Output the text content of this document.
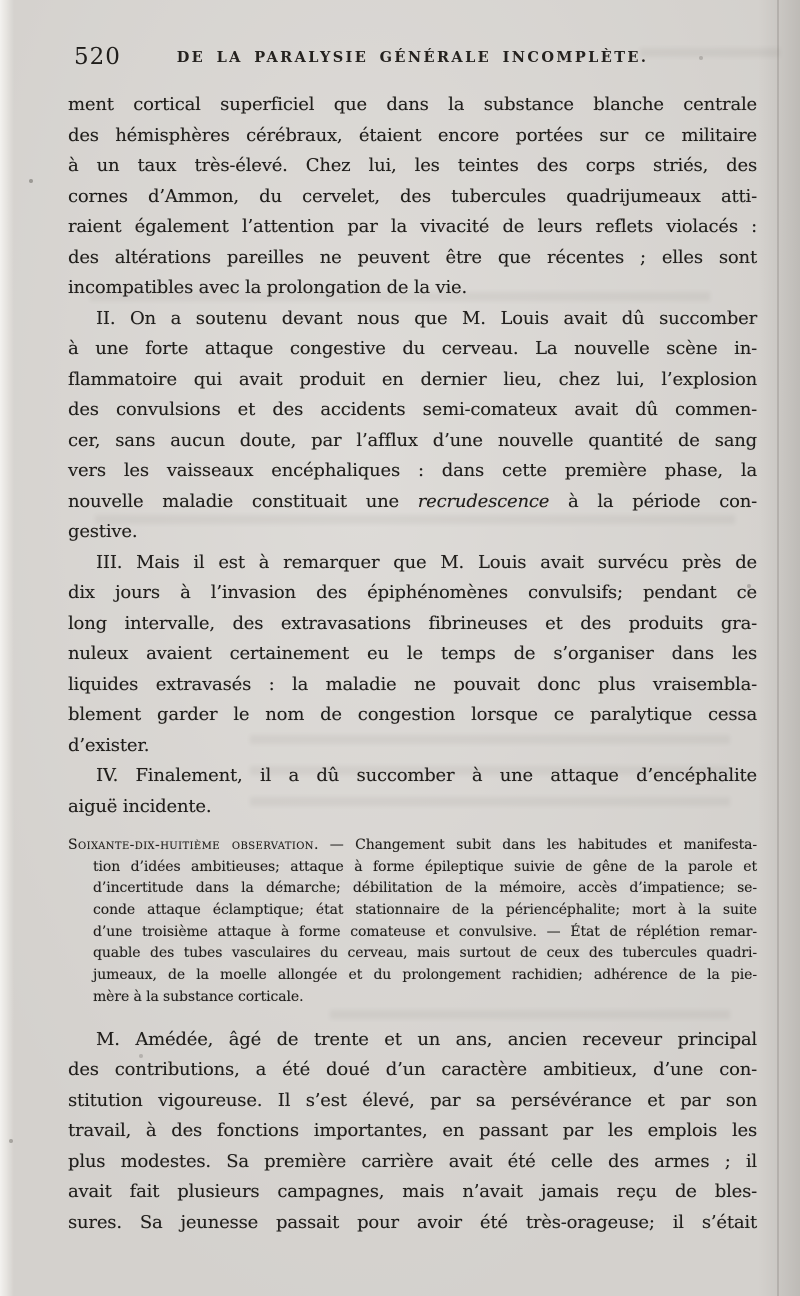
520	DE LA PARALYSIE GÉNÉRALE INCOMPLÈTE.
ment cortical superficiel que dans la substance blanche centrale
des hémisphères cérébraux, étaient encore portées sur ce militaire
à un taux très-élevé. Chez lui, les teintes des corps striés, des
cornes d’Ammon, du cervelet, des tubercules quadrijumeaux atti-
raient également l’attention par la vivacité de leurs reflets violacés :
des altérations pareilles ne peuvent être que récentes ; elles sont
incompatibles avec la prolongation de la vie.
II. On a soutenu devant nous que M. Louis avait dû succomber
à une forte attaque congestive du cerveau. La nouvelle scène in-
flammatoire qui avait produit en dernier lieu, chez lui, l’explosion
des convulsions et des accidents semi-comateux avait dû commen-
cer, sans aucun doute, par l’afflux d’une nouvelle quantité de sang
vers les vaisseaux encéphaliques : dans cette première phase, la
nouvelle maladie constituait une recrudescence à la période con-
gestive.
III. Mais il est à remarquer que M. Louis avait survécu près de
dix jours à l’invasion des épiphénomènes convulsifs; pendant ce
long intervalle, des extravasations fibrineuses et des produits gra-
nuleux avaient certainement eu le temps de s’organiser dans les
liquides extravasés : la maladie ne pouvait donc plus vraisembla-
blement garder le nom de congestion lorsque ce paralytique cessa
d’exister.
IV. Finalement, il a dû succomber à une attaque d’encéphalite
aiguë incidente.
Soixante-dix-huitième observation. — Changement subit dans les habitudes et manifesta-
tion d’idées ambitieuses; attaque à forme épileptique suivie de gêne de la parole et
d’incertitude dans la démarche; débilitation de la mémoire, accès d’impatience; se-
conde attaque éclamptique; état stationnaire de la périencéphalite; mort à la suite
d’une troisième attaque à forme comateuse et convulsive. — État de réplétion remar-
quable des tubes vasculaires du cerveau, mais surtout de ceux des tubercules quadri-
jumeaux, de la moelle allongée et du prolongement rachidien; adhérence de la pie-
mère à la substance corticale.
M. Amédée, âgé de trente et un ans, ancien receveur principal
des contributions, a été doué d’un caractère ambitieux, d’une con-
stitution vigoureuse. Il s’est élevé, par sa persévérance et par son
travail, à des fonctions importantes, en passant par les emplois les
plus modestes. Sa première carrière avait été celle des armes ; il
avait fait plusieurs campagnes, mais n’avait jamais reçu de bles-
sures. Sa jeunesse passait pour avoir été très-orageuse; il s’était
